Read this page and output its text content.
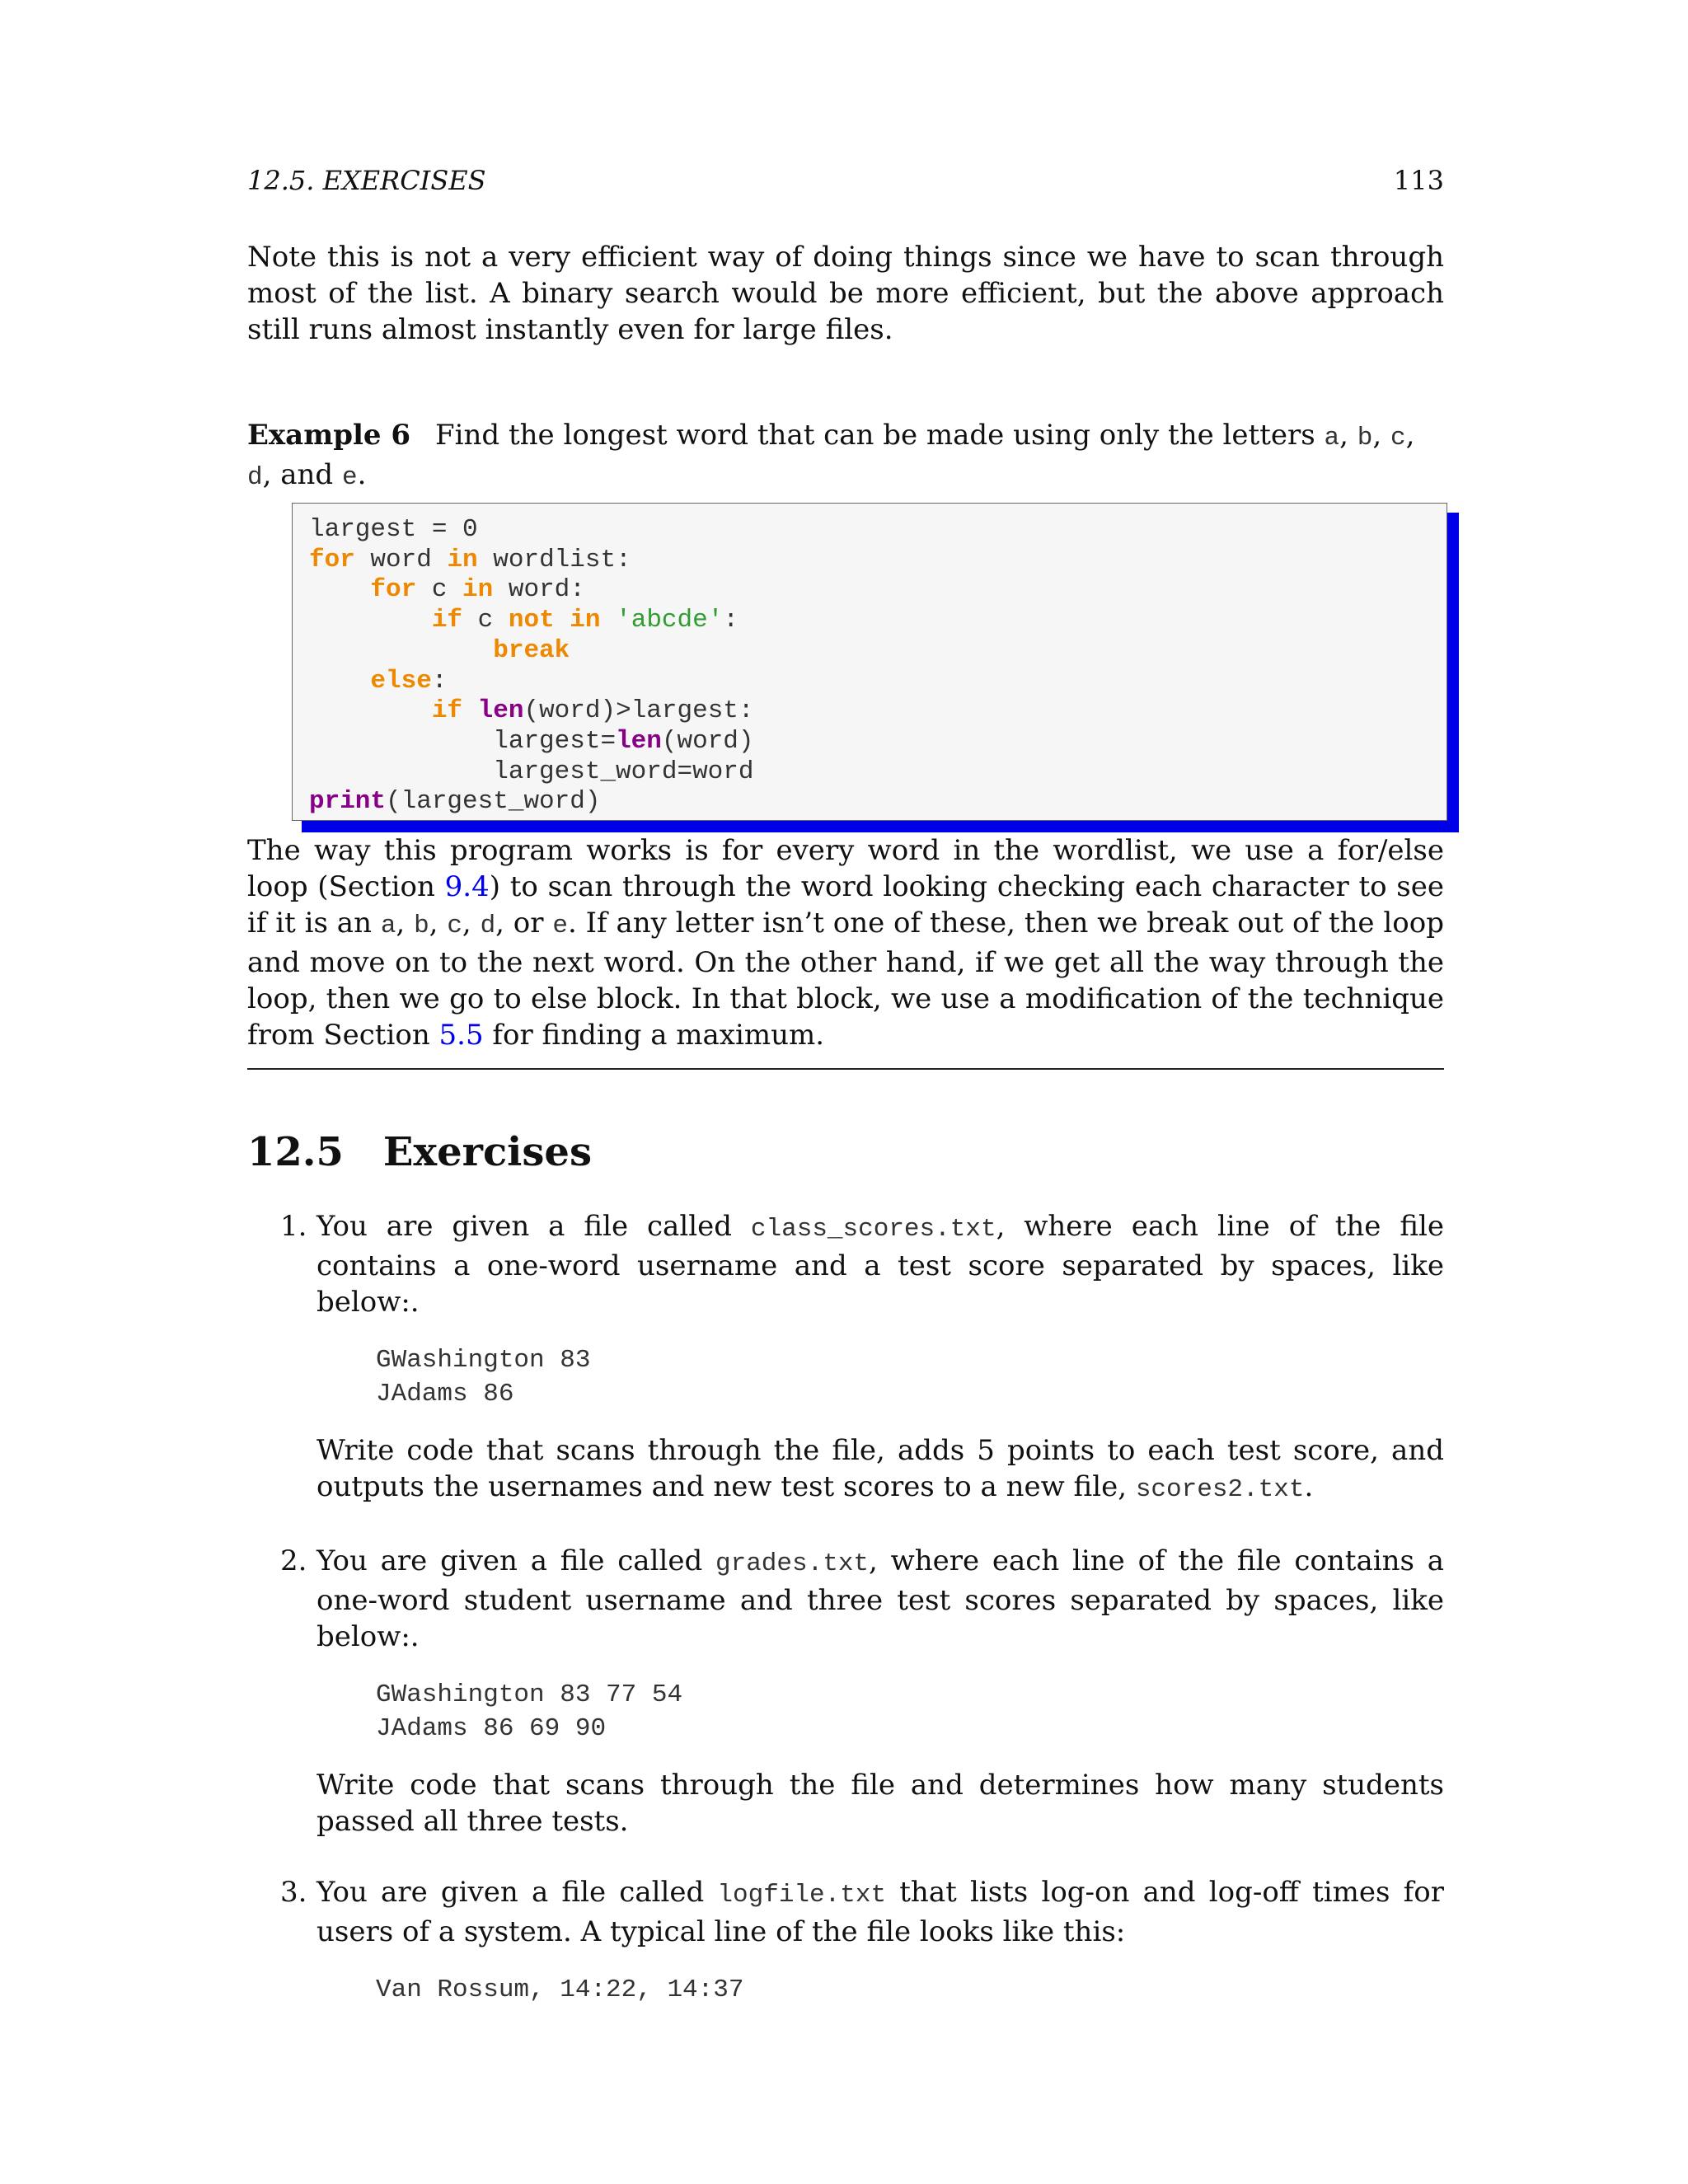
12.5. EXERCISES	113

Note this is not a very efficient way of doing things since we have to scan through most of the list. A binary search would be more efficient, but the above approach still runs almost instantly even for large files.

Example 6 Find the longest word that can be made using only the letters a, b, c, d, and e.
largest = 0
for word in wordlist:
for c in word:
if c not in 'abcde':
break
else:
if len(word)>largest:
largest=len(word)
largest_word=word
print(largest_word)

The way this program works is for every word in the wordlist, we use a for/else loop (Section 9.4) to scan through the word looking checking each character to see if it is an a, b, c, d, or e. If any letter isn’t one of these, then we break out of the loop and move on to the next word. On the other hand, if we get all the way through the loop, then we go to else block. In that block, we use a modification of the technique from Section 5.5 for finding a maximum.

12.5 Exercises
1. You are given a file called class_scores.txt, where each line of the file contains a one-word username and a test score separated by spaces, like below:.

GWashington 83
JAdams 86

Write code that scans through the file, adds 5 points to each test score, and outputs the usernames and new test scores to a new file, scores2.txt.

2. You are given a file called grades.txt, where each line of the file contains a one-word student username and three test scores separated by spaces, like below:.

GWashington 83 77 54
JAdams 86 69 90

Write code that scans through the file and determines how many students passed all three tests.

3. You are given a file called logfile.txt that lists log-on and log-off times for users of a system. A typical line of the file looks like this:

Van Rossum, 14:22, 14:37
